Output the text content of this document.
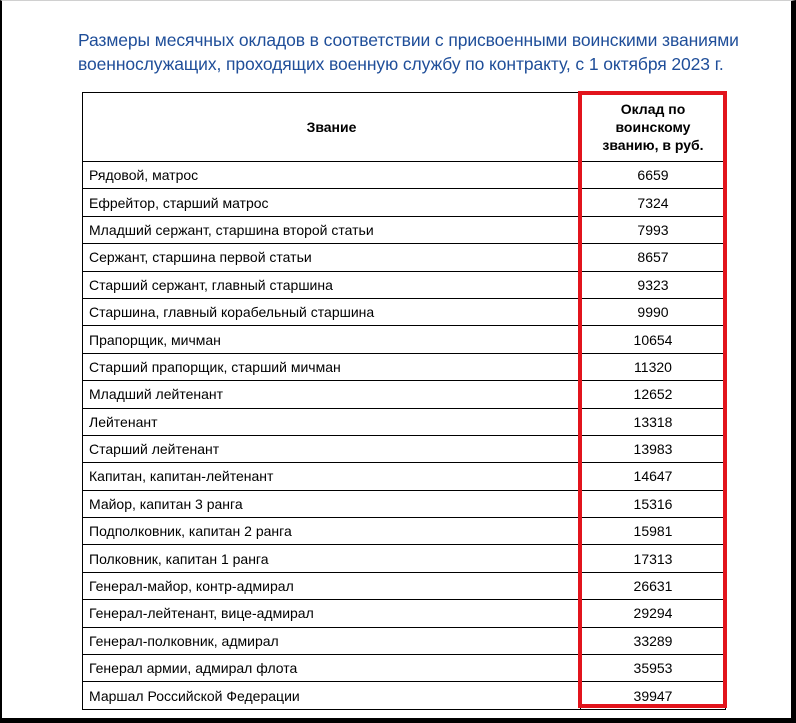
Размеры месячных окладов в соответствии с присвоенными воинскими званиями
военнослужащих, проходящих военную службу по контракту, с 1 октября 2023 г.
Звание	Оклад по
воинскому
званию, в руб.

Рядовой, матрос	6659
Ефрейтор, старший матрос	7324
Младший сержант, старшина второй статьи	7993
Сержант, старшина первой статьи	8657
Старший сержант, главный старшина	9323
Старшина, главный корабельный старшина	9990
Прапорщик, мичман	10654
Старший прапорщик, старший мичман	11320
Младший лейтенант	12652
Лейтенант	13318
Старший лейтенант	13983
Капитан, капитан-лейтенант	14647
Майор, капитан 3 ранга	15316
Подполковник, капитан 2 ранга	15981
Полковник, капитан 1 ранга	17313
Генерал-майор, контр-адмирал	26631
Генерал-лейтенант, вице-адмирал	29294
Генерал-полковник, адмирал	33289
Генерал армии, адмирал флота	35953
Маршал Российской Федерации	39947
